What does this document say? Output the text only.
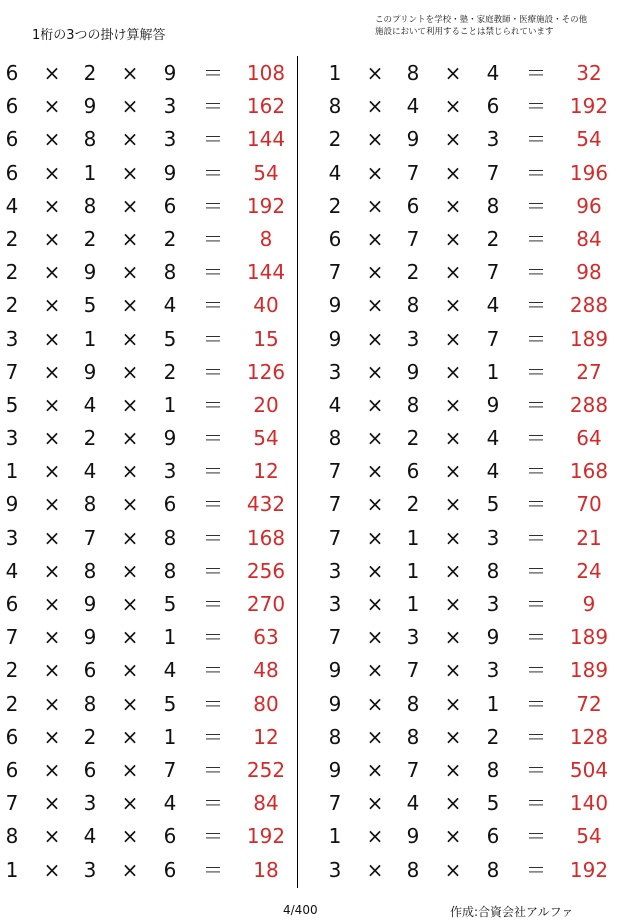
1桁の3つの掛け算解答
このプリントを学校・塾・家庭教師・医療施設・その他
施設において利用することは禁じられています
6 × 2 × 9 ＝	108
6 × 9 × 3 ＝	162
6 × 8 × 3 ＝	144
6 × 1 × 9 ＝	54
4 × 8 × 6 ＝	192
2 × 2 × 2 ＝	8
2 × 9 × 8 ＝	144
2 × 5 × 4 ＝	40
3 × 1 × 5 ＝	15
7 × 9 × 2 ＝	126
5 × 4 × 1 ＝	20
3 × 2 × 9 ＝	54
1 × 4 × 3 ＝	12
9 × 8 × 6 ＝	432
3 × 7 × 8 ＝	168
4 × 8 × 8 ＝	256
6 × 9 × 5 ＝	270
7 × 9 × 1 ＝	63
2 × 6 × 4 ＝	48
2 × 8 × 5 ＝	80
6 × 2 × 1 ＝	12
6 × 6 × 7 ＝	252
7 × 3 × 4 ＝	84
8 × 4 × 6 ＝	192
1 × 3 × 6 ＝	18
1 × 8 × 4 ＝	32
8 × 4 × 6 ＝	192
2 × 9 × 3 ＝	54
4 × 7 × 7 ＝	196
2 × 6 × 8 ＝	96
6 × 7 × 2 ＝	84
7 × 2 × 7 ＝	98
9 × 8 × 4 ＝	288
9 × 3 × 7 ＝	189
3 × 9 × 1 ＝	27
4 × 8 × 9 ＝	288
8 × 2 × 4 ＝	64
7 × 6 × 4 ＝	168
7 × 2 × 5 ＝	70
7 × 1 × 3 ＝	21
3 × 1 × 8 ＝	24
3 × 1 × 3 ＝	9
7 × 3 × 9 ＝	189
9 × 7 × 3 ＝	189
9 × 8 × 1 ＝	72
8 × 8 × 2 ＝	128
9 × 7 × 8 ＝	504
7 × 4 × 5 ＝	140
1 × 9 × 6 ＝	54
3 × 8 × 8 ＝	192
4/400	作成:合資会社アルファ
